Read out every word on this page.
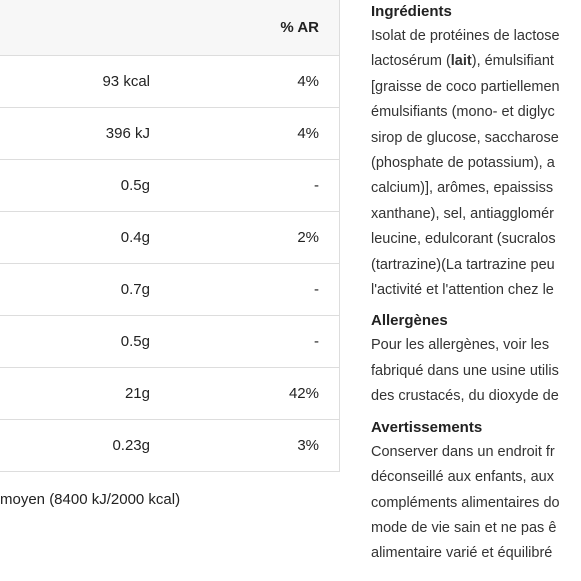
		% AR
	93 kcal	4%
	396 kJ	4%
	0.5g	-
	0.4g	2%
	0.7g	-
	0.5g	-
	21g	42%
	0.23g	3%
moyen (8400 kJ/2000 kcal)
Ingrédients

Isolat de protéines de lactose
lactosérum (lait), émulsifiant
[graisse de coco partiellemen
émulsifiants (mono- et diglyc
sirop de glucose, saccharose
(phosphate de potassium), a
calcium)], arômes, epaississ
xanthane), sel, antiagglomér
leucine, edulcorant (sucralos
(tartrazine)(La tartrazine peu
l'activité et l'attention chez le

Allergènes

Pour les allergènes, voir les
fabriqué dans une usine utilis
des crustacés, du dioxyde de

Avertissements

Conserver dans un endroit fr
déconseillé aux enfants, aux
compléments alimentaires do
mode de vie sain et ne pas ê
alimentaire varié et équilibré
